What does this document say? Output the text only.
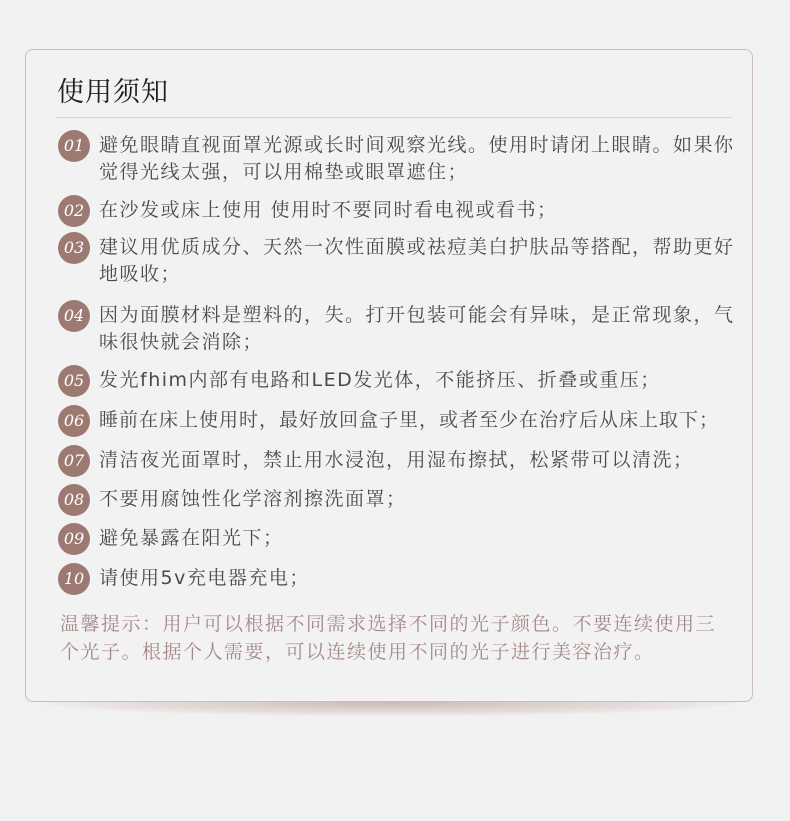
使用须知
01 避免眼睛直视面罩光源或长时间观察光线。使用时请闭上眼睛。如果你觉得光线太强，可以用棉垫或眼罩遮住；
02 在沙发或床上使用 使用时不要同时看电视或看书；
03 建议用优质成分、天然一次性面膜或祛痘美白护肤品等搭配，帮助更好地吸收；
04 因为面膜材料是塑料的，失。打开包装可能会有异味，是正常现象，气味很快就会消除；
05 发光fhim内部有电路和LED发光体，不能挤压、折叠或重压；
06 睡前在床上使用时，最好放回盒子里，或者至少在治疗后从床上取下；
07 清洁夜光面罩时，禁止用水浸泡，用湿布擦拭，松紧带可以清洗；
08 不要用腐蚀性化学溶剂擦洗面罩；
09 避免暴露在阳光下；
10 请使用5v充电器充电；
温馨提示：用户可以根据不同需求选择不同的光子颜色。不要连续使用三个光子。根据个人需要，可以连续使用不同的光子进行美容治疗。
